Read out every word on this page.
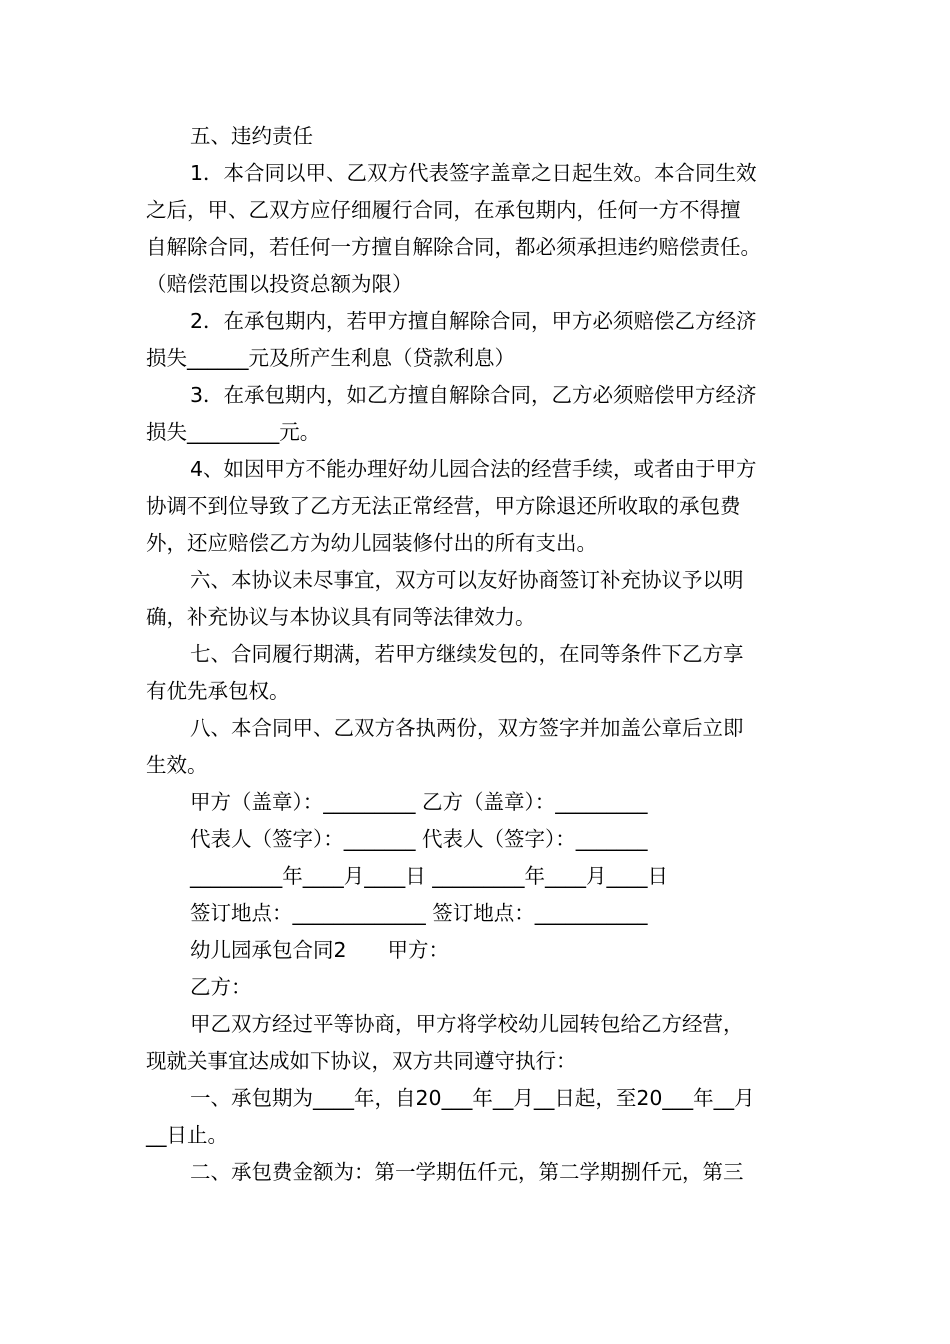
五、违约责任
1．本合同以甲、乙双方代表签字盖章之日起生效。本合同生效
之后，甲、乙双方应仔细履行合同，在承包期内，任何一方不得擅
自解除合同，若任何一方擅自解除合同，都必须承担违约赔偿责任。
（赔偿范围以投资总额为限）
2．在承包期内，若甲方擅自解除合同，甲方必须赔偿乙方经济
损失______元及所产生利息（贷款利息）
3．在承包期内，如乙方擅自解除合同，乙方必须赔偿甲方经济
损失_________元。
4、如因甲方不能办理好幼儿园合法的经营手续，或者由于甲方
协调不到位导致了乙方无法正常经营，甲方除退还所收取的承包费
外，还应赔偿乙方为幼儿园装修付出的所有支出。
六、本协议未尽事宜，双方可以友好协商签订补充协议予以明
确，补充协议与本协议具有同等法律效力。
七、合同履行期满，若甲方继续发包的，在同等条件下乙方享
有优先承包权。
八、本合同甲、乙双方各执两份，双方签字并加盖公章后立即
生效。
甲方（盖章）：_________ 乙方（盖章）：_________
代表人（签字）：_______ 代表人（签字）：_______
_________年____月____日 _________年____月____日
签订地点：_____________ 签订地点：___________
幼儿园承包合同2　　甲方：
乙方：
甲乙双方经过平等协商，甲方将学校幼儿园转包给乙方经营，
现就关事宜达成如下协议，双方共同遵守执行：
一、承包期为____年，自20___年__月__日起，至20___年__月
__日止。
二、承包费金额为：第一学期伍仟元，第二学期捌仟元，第三
